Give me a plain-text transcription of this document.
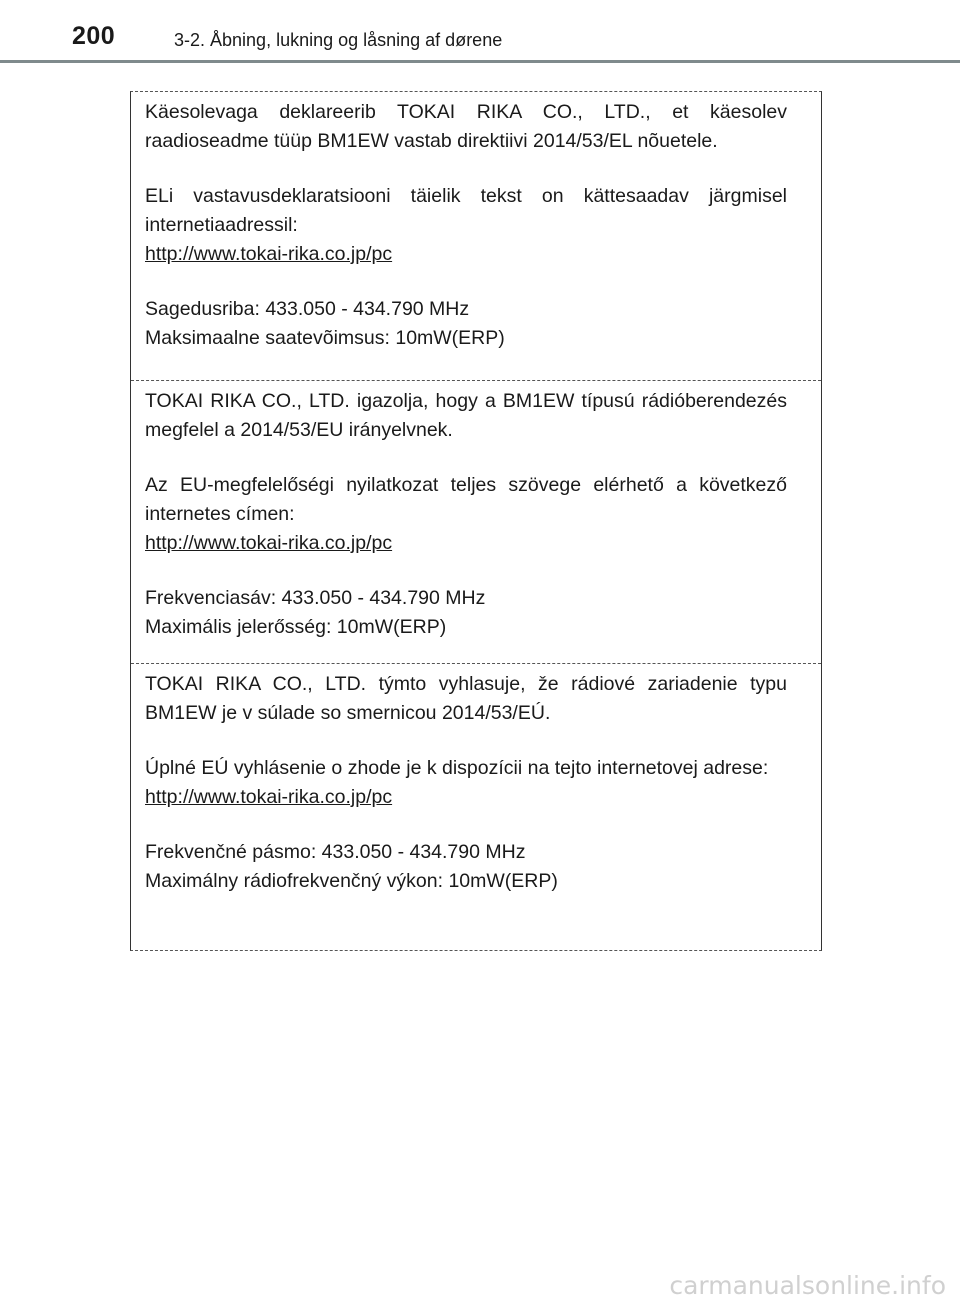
200	3-2. Åbning, lukning og låsning af dørene

Käesolevaga deklareerib TOKAI RIKA CO., LTD., et käesolev raadioseadme tüüp BM1EW vastab direktiivi 2014/53/EL nõuetele.

ELi vastavusdeklaratsiooni täielik tekst on kättesaadav järgmisel internetiaadressil:

http://www.tokai-rika.co.jp/pc

Sagedusriba: 433.050 - 434.790 MHz

Maksimaalne saatevõimsus: 10mW(ERP)

TOKAI RIKA CO., LTD. igazolja, hogy a BM1EW típusú rádióberendezés megfelel a 2014/53/EU irányelvnek.

Az EU-megfelelőségi nyilatkozat teljes szövege elérhető a következő internetes címen:

http://www.tokai-rika.co.jp/pc

Frekvenciasáv: 433.050 - 434.790 MHz

Maximális jelerősség: 10mW(ERP)

TOKAI RIKA CO., LTD. týmto vyhlasuje, že rádiové zariadenie typu BM1EW je v súlade so smernicou 2014/53/EÚ.

Úplné EÚ vyhlásenie o zhode je k dispozícii na tejto internetovej adrese:

http://www.tokai-rika.co.jp/pc

Frekvenčné pásmo: 433.050 - 434.790 MHz

Maximálny rádiofrekvenčný výkon: 10mW(ERP)

carmanualsonline.info
